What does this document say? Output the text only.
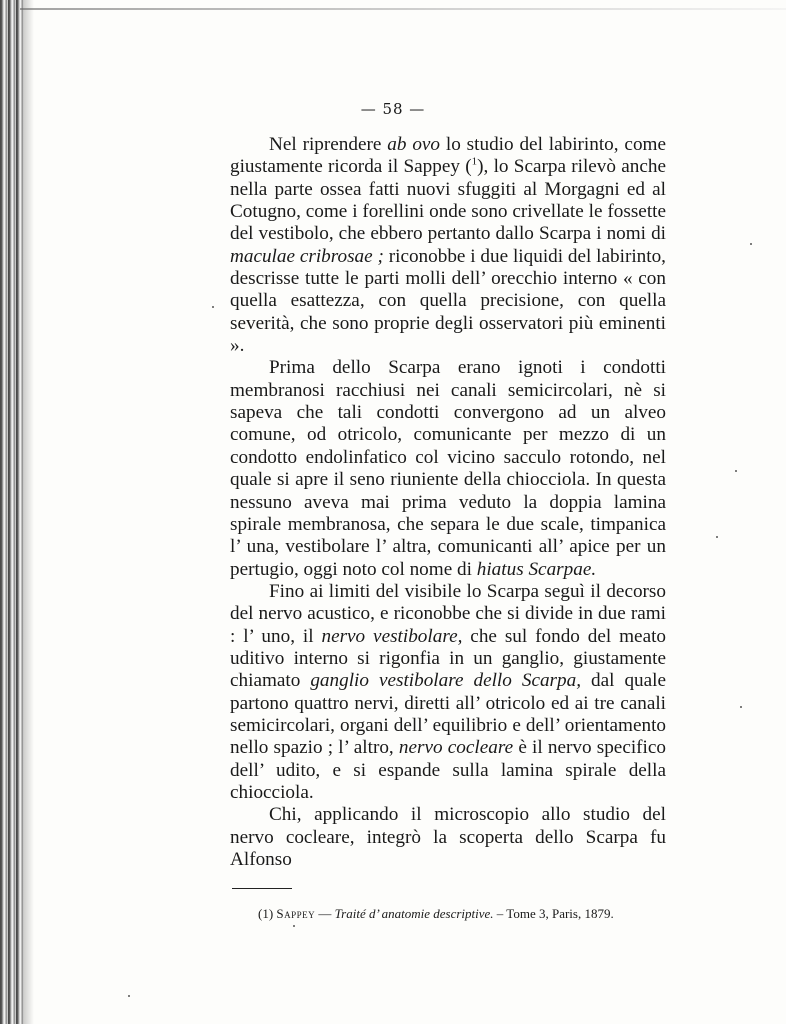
— 58 —

Nel riprendere ab ovo lo studio del labirinto, come giustamente ricorda il Sappey ($^1$), lo Scarpa rilevò anche nella parte ossea fatti nuovi sfuggiti al Morgagni ed al Cotugno, come i forellini onde sono crivellate le fossette del vestibolo, che ebbero pertanto dallo Scarpa i nomi di maculae cribrosae ; riconobbe i due liquidi del labirinto, descrisse tutte le parti molli dell’ orecchio interno « con quella esattezza, con quella precisione, con quella severità, che sono proprie degli osservatori più eminenti ».

Prima dello Scarpa erano ignoti i condotti membranosi racchiusi nei canali semicircolari, nè si sapeva che tali condotti convergono ad un alveo comune, od otricolo, comunicante per mezzo di un condotto endolinfatico col vicino sacculo rotondo, nel quale si apre il seno riuniente della chiocciola. In questa nessuno aveva mai prima veduto la doppia lamina spirale membranosa, che separa le due scale, timpanica l’ una, vestibolare l’ altra, comunicanti all’ apice per un pertugio, oggi noto col nome di hiatus Scarpae.

Fino ai limiti del visibile lo Scarpa seguì il decorso del nervo acustico, e riconobbe che si divide in due rami : l’ uno, il nervo vestibolare, che sul fondo del meato uditivo interno si rigonfia in un ganglio, giustamente chiamato ganglio vestibolare dello Scarpa, dal quale partono quattro nervi, diretti all’ otricolo ed ai tre canali semicircolari, organi dell’ equilibrio e dell’ orientamento nello spazio ; l’ altro, nervo cocleare è il nervo specifico dell’ udito, e si espande sulla lamina spirale della chiocciola.

Chi, applicando il microscopio allo studio del nervo cocleare, integrò la scoperta dello Scarpa fu Alfonso

(1) Sappey — Traité d’ anatomie descriptive. – Tome 3, Paris, 1879.
